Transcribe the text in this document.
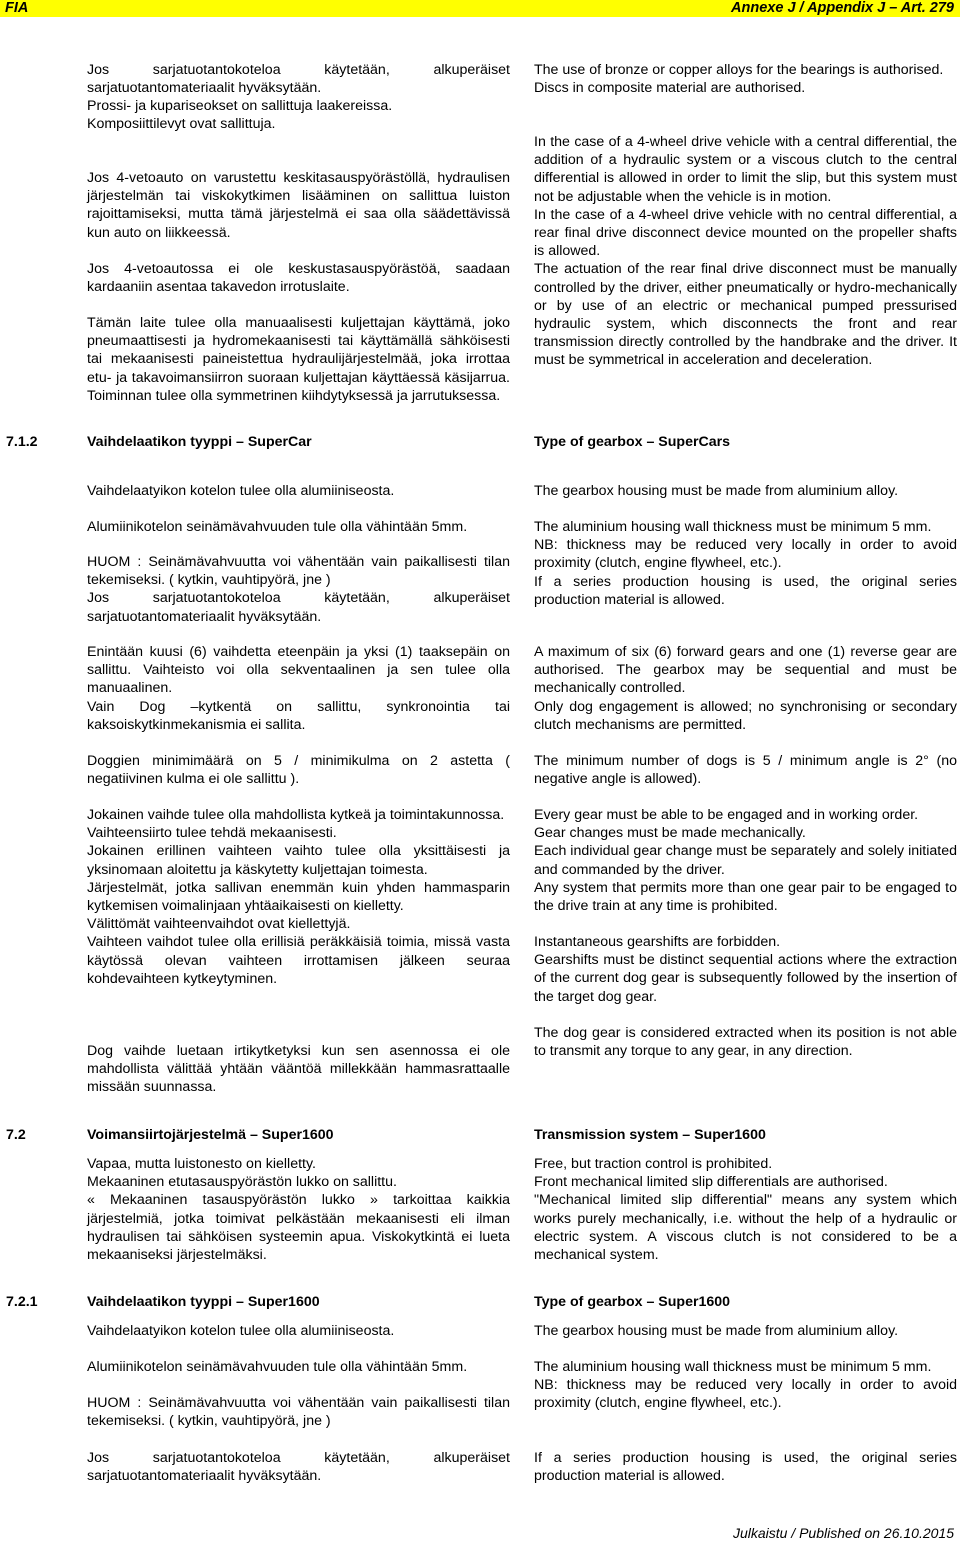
FIA	Annexe J / Appendix J – Art. 279
Jos sarjatuotantokoteloa käytetään, alkuperäiset sarjatuotantomateriaalit hyväksytään.
Prossi- ja kupariseokset on sallittuja laakereissa.
Komposiittilevyt ovat sallittuja.
Jos 4-vetoauto on varustettu keskitasauspyörästöllä, hydraulisen järjestelmän tai viskokytkimen lisääminen on sallittua luiston rajoittamiseksi, mutta tämä järjestelmä ei saa olla säädettävissä kun auto on liikkeessä.
Jos 4-vetoautossa ei ole keskustasauspyörästöä, saadaan kardaaniin asentaa takavedon irrotuslaite.
Tämän laite tulee olla manuaalisesti kuljettajan käyttämä, joko pneumaattisesti ja hydromekaanisesti tai käyttämällä sähköisesti tai mekaanisesti paineistettua hydraulijärjestelmää, joka irrottaa etu- ja takavoimansiirron suoraan kuljettajan käyttäessä käsijarrua. Toiminnan tulee olla symmetrinen kiihdytyksessä ja jarrutuksessa.
The use of bronze or copper alloys for the bearings is authorised.
Discs in composite material are authorised.
In the case of a 4-wheel drive vehicle with a central differential, the addition of a hydraulic system or a viscous clutch to the central differential is allowed in order to limit the slip, but this system must not be adjustable when the vehicle is in motion.
In the case of a 4-wheel drive vehicle with no central differential, a rear final drive disconnect device mounted on the propeller shafts is allowed.
The actuation of the rear final drive disconnect must be manually controlled by the driver, either pneumatically or hydro-mechanically or by use of an electric or mechanical pumped pressurised hydraulic system, which disconnects the front and rear transmission directly controlled by the handbrake and the driver. It must be symmetrical in acceleration and deceleration.
7.1.2	Vaihdelaatikon tyyppi – SuperCar	Type of gearbox – SuperCars
Vaihdelaatyikon kotelon tulee olla alumiiniseosta.
Alumiinikotelon seinämävahvuuden tule olla vähintään 5mm.
HUOM : Seinämävahvuutta voi vähentään vain paikallisesti tilan tekemiseksi. ( kytkin, vauhtipyörä, jne )
Jos sarjatuotantokoteloa käytetään, alkuperäiset sarjatuotantomateriaalit hyväksytään.
Enintään kuusi (6) vaihdetta eteenpäin ja yksi (1) taaksepäin on sallittu. Vaihteisto voi olla sekventaalinen ja sen tulee olla manuaalinen.
Vain Dog –kytkentä on sallittu, synkronointia tai kaksoiskytkinmekanismia ei sallita.
Doggien minimimäärä on 5 / minimikulma on 2 astetta ( negatiivinen kulma ei ole sallittu ).
Jokainen vaihde tulee olla mahdollista kytkeä ja toimintakunnossa.
Vaihteensiirto tulee tehdä mekaanisesti.
Jokainen erillinen vaihteen vaihto tulee olla yksittäisesti ja yksinomaan aloitettu ja käskytetty kuljettajan toimesta.
Järjestelmät, jotka sallivan enemmän kuin yhden hammasparin kytkemisen voimalinjaan yhtäaikaisesti on kielletty.
Välittömät vaihteenvaihdot ovat kiellettyjä.
Vaihteen vaihdot tulee olla erillisiä peräkkäisiä toimia, missä vasta käytössä olevan vaihteen irrottamisen jälkeen seuraa kohdevaihteen kytkeytyminen.
Dog vaihde luetaan irtikytketyksi kun sen asennossa ei ole mahdollista välittää yhtään vääntöä millekkään hammasrattaalle missään suunnassa.
The gearbox housing must be made from aluminium alloy.
The aluminium housing wall thickness must be minimum 5 mm.
NB: thickness may be reduced very locally in order to avoid proximity (clutch, engine flywheel, etc.).
If a series production housing is used, the original series production material is allowed.
A maximum of six (6) forward gears and one (1) reverse gear are authorised. The gearbox may be sequential and must be mechanically controlled.
Only dog engagement is allowed; no synchronising or secondary clutch mechanisms are permitted.
The minimum number of dogs is 5 / minimum angle is 2° (no negative angle is allowed).
Every gear must be able to be engaged and in working order.
Gear changes must be made mechanically.
Each individual gear change must be separately and solely initiated and commanded by the driver.
Any system that permits more than one gear pair to be engaged to the drive train at any time is prohibited.
Instantaneous gearshifts are forbidden.
Gearshifts must be distinct sequential actions where the extraction of the current dog gear is subsequently followed by the insertion of the target dog gear.
The dog gear is considered extracted when its position is not able to transmit any torque to any gear, in any direction.
7.2	Voimansiirtojärjestelmä – Super1600	Transmission system – Super1600
Vapaa, mutta luistonesto on kielletty.
Mekaaninen etutasauspyörästön lukko on sallittu.
« Mekaaninen tasauspyörästön lukko » tarkoittaa kaikkia järjestelmiä, jotka toimivat pelkästään mekaanisesti eli ilman hydraulisen tai sähköisen systeemin apua. Viskokytkintä ei lueta mekaaniseksi järjestelmäksi.
Free, but traction control is prohibited.
Front mechanical limited slip differentials are authorised.
"Mechanical limited slip differential" means any system which works purely mechanically, i.e. without the help of a hydraulic or electric system. A viscous clutch is not considered to be a mechanical system.
7.2.1	Vaihdelaatikon tyyppi – Super1600	Type of gearbox – Super1600
Vaihdelaatyikon kotelon tulee olla alumiiniseosta.
Alumiinikotelon seinämävahvuuden tule olla vähintään 5mm.
HUOM : Seinämävahvuutta voi vähentään vain paikallisesti tilan tekemiseksi. ( kytkin, vauhtipyörä, jne )
Jos sarjatuotantokoteloa käytetään, alkuperäiset sarjatuotantomateriaalit hyväksytään.
The gearbox housing must be made from aluminium alloy.
The aluminium housing wall thickness must be minimum 5 mm.
NB: thickness may be reduced very locally in order to avoid proximity (clutch, engine flywheel, etc.).
If a series production housing is used, the original series production material is allowed.
Julkaistu / Published on 26.10.2015
